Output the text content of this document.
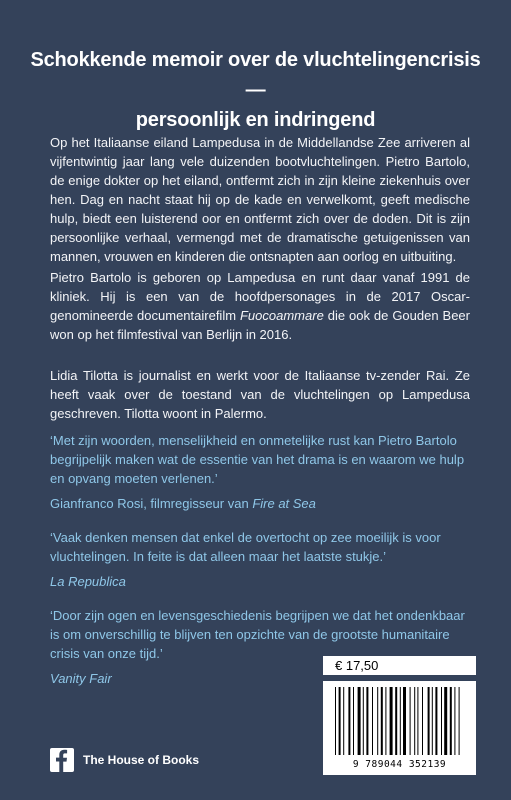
Schokkende memoir over de vluchtelingencrisis —
persoonlijk en indringend
Op het Italiaanse eiland Lampedusa in de Middellandse Zee arriveren al vijfentwintig jaar lang vele duizenden bootvluchtelingen. Pietro Bartolo, de enige dokter op het eiland, ontfermt zich in zijn kleine ziekenhuis over hen. Dag en nacht staat hij op de kade en verwelkomt, geeft medische hulp, biedt een luisterend oor en ontfermt zich over de doden. Dit is zijn persoonlijke verhaal, vermengd met de dramatische getuigenissen van mannen, vrouwen en kinderen die ontsnapten aan oorlog en uitbuiting.
Pietro Bartolo is geboren op Lampedusa en runt daar vanaf 1991 de kliniek. Hij is een van de hoofdpersonages in de 2017 Oscar-genomineerde documentairefilm Fuocoammare die ook de Gouden Beer won op het filmfestival van Berlijn in 2016.
Lidia Tilotta is journalist en werkt voor de Italiaanse tv-zender Rai. Ze heeft vaak over de toestand van de vluchtelingen op Lampedusa geschreven. Tilotta woont in Palermo.
‘Met zijn woorden, menselijkheid en onmetelijke rust kan Pietro Bartolo begrijpelijk maken wat de essentie van het drama is en waarom we hulp en opvang moeten verlenen.’
Gianfranco Rosi, filmregisseur van Fire at Sea
‘Vaak denken mensen dat enkel de overtocht op zee moeilijk is voor vluchtelingen. In feite is dat alleen maar het laatste stukje.’
La Republica
‘Door zijn ogen en levensgeschiedenis begrijpen we dat het ondenkbaar is om onverschillig te blijven ten opzichte van de grootste humanitaire crisis van onze tijd.’
Vanity Fair
€ 17,50
9 789044 352139
The House of Books
